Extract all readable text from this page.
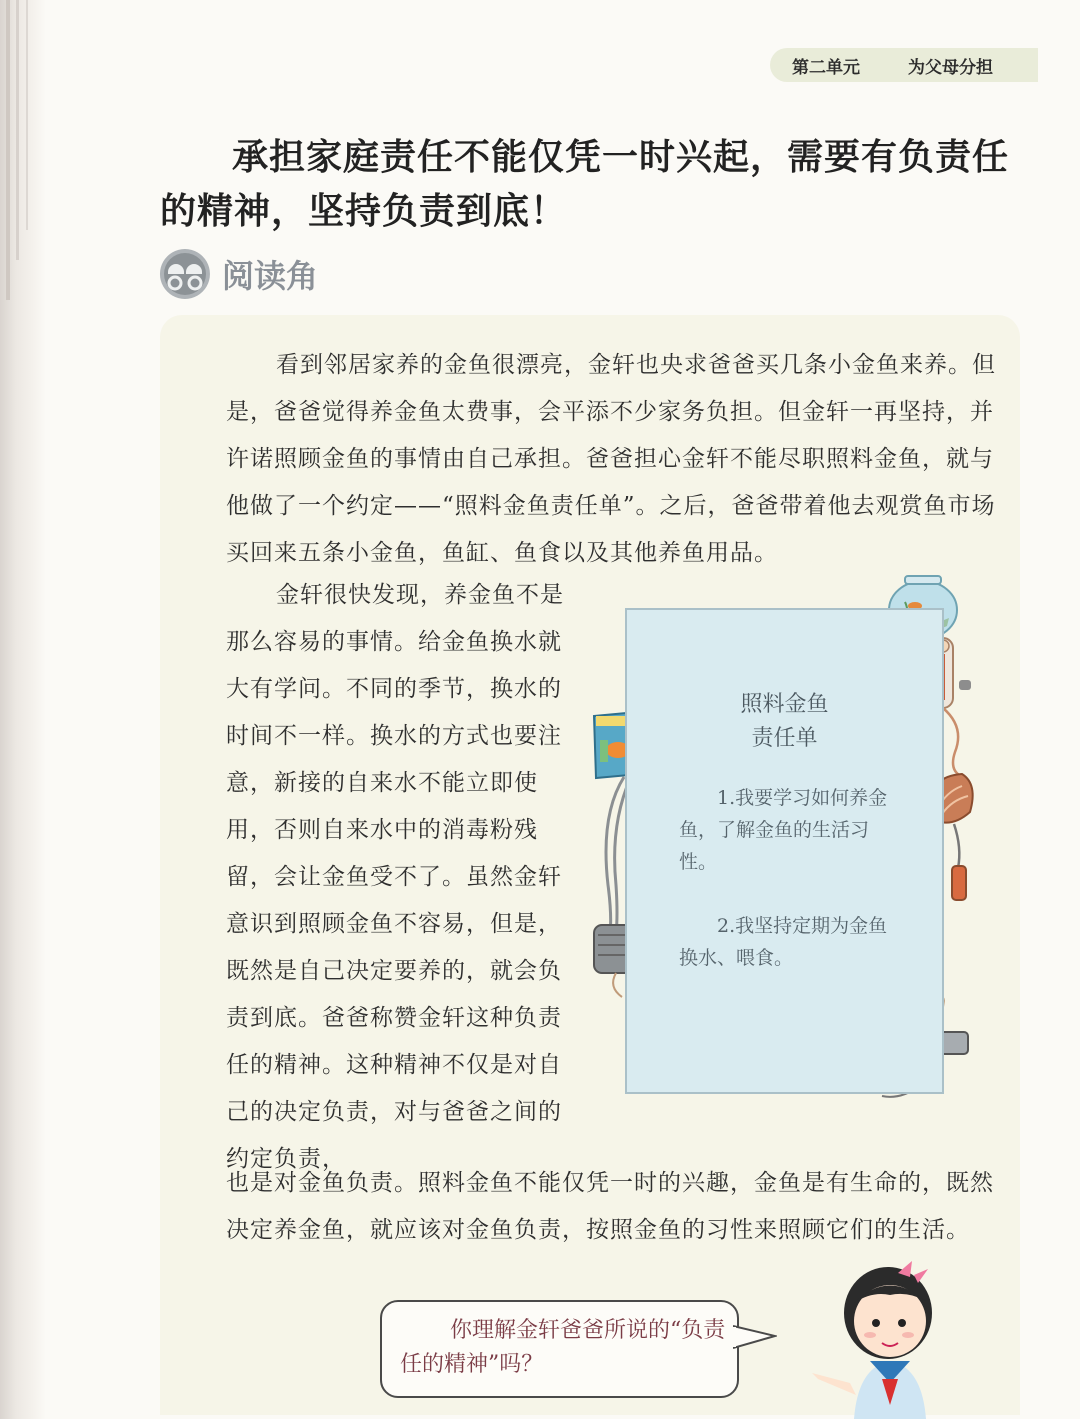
第二单元	为父母分担
承担家庭责任不能仅凭一时兴起，需要有负责任的精神，坚持负责到底！
阅读角
看到邻居家养的金鱼很漂亮，金轩也央求爸爸买几条小金鱼来养。但是，爸爸觉得养金鱼太费事，会平添不少家务负担。但金轩一再坚持，并许诺照顾金鱼的事情由自己承担。爸爸担心金轩不能尽职照料金鱼，就与他做了一个约定——“照料金鱼责任单”。之后，爸爸带着他去观赏鱼市场买回来五条小金鱼，鱼缸、鱼食以及其他养鱼用品。
金轩很快发现，养金鱼不是那么容易的事情。给金鱼换水就大有学问。不同的季节，换水的时间不一样。换水的方式也要注意，新接的自来水不能立即使用，否则自来水中的消毒粉残留，会让金鱼受不了。虽然金轩意识到照顾金鱼不容易，但是，既然是自己决定要养的，就会负责到底。爸爸称赞金轩这种负责任的精神。这种精神不仅是对自己的决定负责，对与爸爸之间的约定负责，
照料金鱼
责任单
1.我要学习如何养金鱼，了解金鱼的生活习性。
2.我坚持定期为金鱼换水、喂食。
也是对金鱼负责。照料金鱼不能仅凭一时的兴趣，金鱼是有生命的，既然决定养金鱼，就应该对金鱼负责，按照金鱼的习性来照顾它们的生活。
你理解金轩爸爸所说的“负责任的精神”吗？
